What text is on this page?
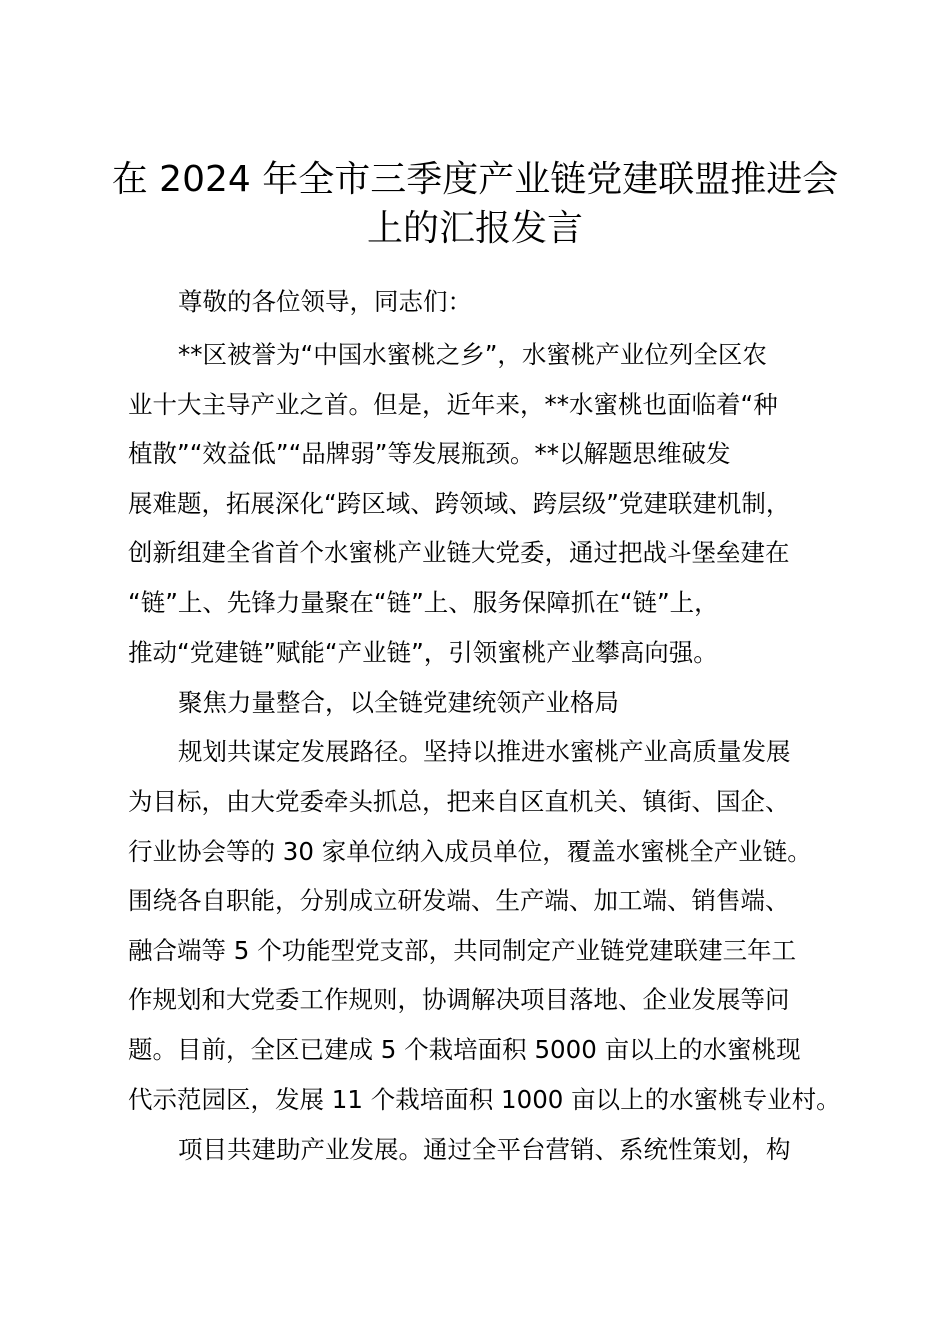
在 2024 年全市三季度产业链党建联盟推进会
上的汇报发言

尊敬的各位领导，同志们：

**区被誉为“中国水蜜桃之乡”，水蜜桃产业位列全区农

业十大主导产业之首。但是，近年来，**水蜜桃也面临着“种

植散”“效益低”“品牌弱”等发展瓶颈。**以解题思维破发

展难题，拓展深化“跨区域、跨领域、跨层级”党建联建机制，

创新组建全省首个水蜜桃产业链大党委，通过把战斗堡垒建在

“链”上、先锋力量聚在“链”上、服务保障抓在“链”上，

推动“党建链”赋能“产业链”，引领蜜桃产业攀高向强。

聚焦力量整合，以全链党建统领产业格局

规划共谋定发展路径。坚持以推进水蜜桃产业高质量发展

为目标，由大党委牵头抓总，把来自区直机关、镇街、国企、

行业协会等的 30 家单位纳入成员单位，覆盖水蜜桃全产业链。

围绕各自职能，分别成立研发端、生产端、加工端、销售端、

融合端等 5 个功能型党支部，共同制定产业链党建联建三年工

作规划和大党委工作规则，协调解决项目落地、企业发展等问

题。目前，全区已建成 5 个栽培面积 5000 亩以上的水蜜桃现

代示范园区，发展 11 个栽培面积 1000 亩以上的水蜜桃专业村。

项目共建助产业发展。通过全平台营销、系统性策划，构
